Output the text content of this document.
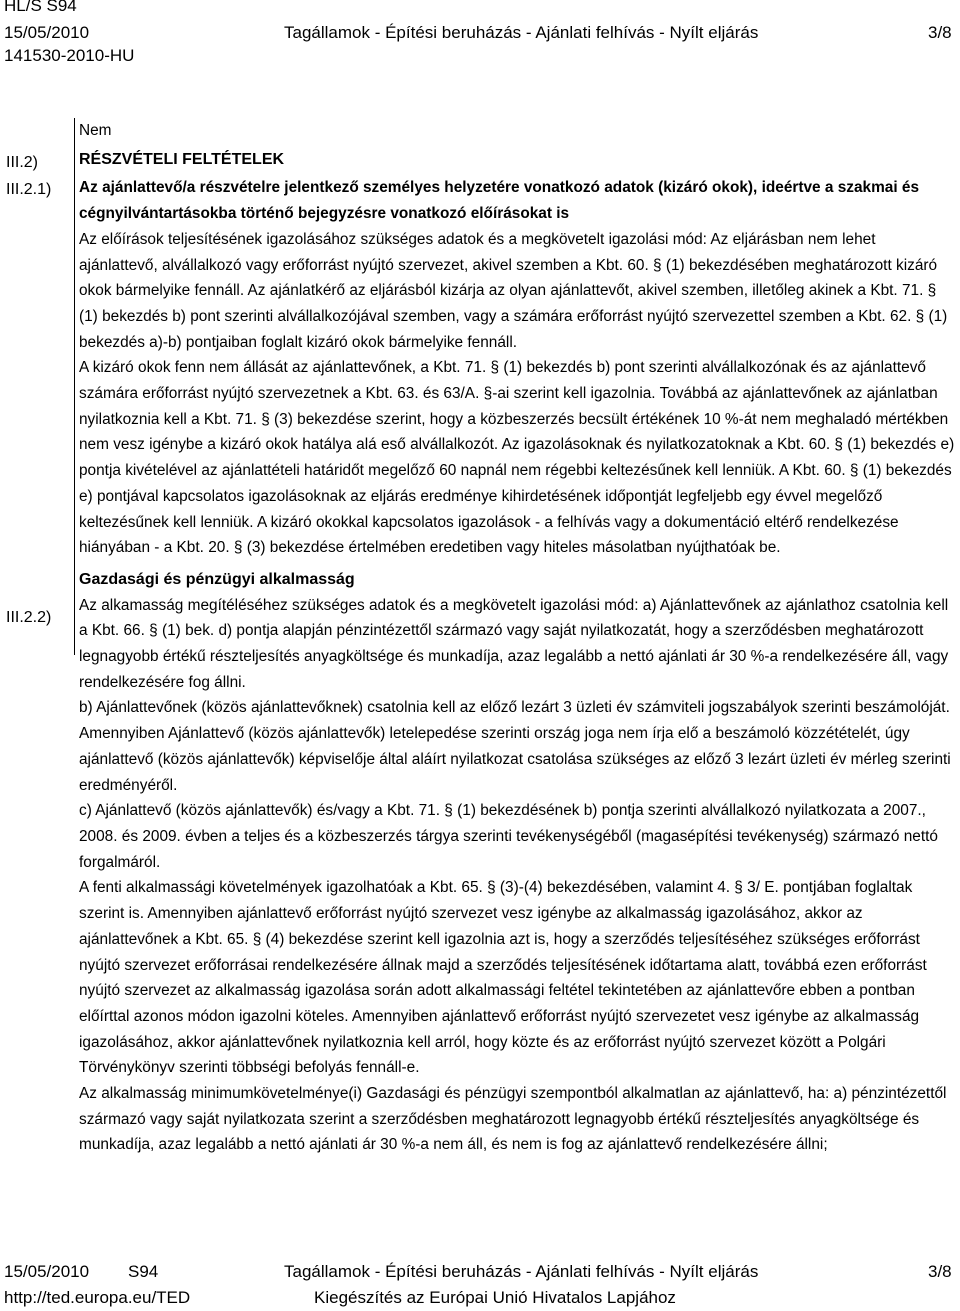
HL/S S94
15/05/2010	Tagállamok - Építési beruházás - Ajánlati felhívás - Nyílt eljárás	3/8
141530-2010-HU
III.2)
III.2.1)
III.2.2)

Nem

RÉSZVÉTELI FELTÉTELEK

Az ajánlattevő/a részvételre jelentkező személyes helyzetére vonatkozó adatok (kizáró okok), ideértve a szakmai és cégnyilvántartásokba történő bejegyzésre vonatkozó előírásokat is

Az előírások teljesítésének igazolásához szükséges adatok és a megkövetelt igazolási mód: Az eljárásban nem lehet ajánlattevő, alvállalkozó vagy erőforrást nyújtó szervezet, akivel szemben a Kbt. 60. § (1) bekezdésében meghatározott kizáró okok bármelyike fennáll. Az ajánlatkérő az eljárásból kizárja az olyan ajánlattevőt, akivel szemben, illetőleg akinek a Kbt. 71. § (1) bekezdés b) pont szerinti alvállalkozójával szemben, vagy a számára erőforrást nyújtó szervezettel szemben a Kbt. 62. § (1) bekezdés a)-b) pontjaiban foglalt kizáró okok bármelyike fennáll.

A kizáró okok fenn nem állását az ajánlattevőnek, a Kbt. 71. § (1) bekezdés b) pont szerinti alvállalkozónak és az ajánlattevő számára erőforrást nyújtó szervezetnek a Kbt. 63. és 63/A. §-ai szerint kell igazolnia. Továbbá az ajánlattevőnek az ajánlatban nyilatkoznia kell a Kbt. 71. § (3) bekezdése szerint, hogy a közbeszerzés becsült értékének 10 %-át nem meghaladó mértékben nem vesz igénybe a kizáró okok hatálya alá eső alvállalkozót. Az igazolásoknak és nyilatkozatoknak a Kbt. 60. § (1) bekezdés e) pontja kivételével az ajánlattételi határidőt megelőző 60 napnál nem régebbi keltezésűnek kell lenniük. A Kbt. 60. § (1) bekezdés e) pontjával kapcsolatos igazolásoknak az eljárás eredménye kihirdetésének időpontját legfeljebb egy évvel megelőző keltezésűnek kell lenniük. A kizáró okokkal kapcsolatos igazolások - a felhívás vagy a dokumentáció eltérő rendelkezése hiányában - a Kbt. 20. § (3) bekezdése értelmében eredetiben vagy hiteles másolatban nyújthatóak be.

Gazdasági és pénzügyi alkalmasság

Az alkamasság megítéléséhez szükséges adatok és a megkövetelt igazolási mód: a) Ajánlattevőnek az ajánlathoz csatolnia kell a Kbt. 66. § (1) bek. d) pontja alapján pénzintézettől származó vagy saját nyilatkozatát, hogy a szerződésben meghatározott legnagyobb értékű részteljesítés anyagköltsége és munkadíja, azaz legalább a nettó ajánlati ár 30 %-a rendelkezésére áll, vagy rendelkezésére fog állni.

b) Ajánlattevőnek (közös ajánlattevőknek) csatolnia kell az előző lezárt 3 üzleti év számviteli jogszabályok szerinti beszámolóját. Amennyiben Ajánlattevő (közös ajánlattevők) letelepedése szerinti ország joga nem írja elő a beszámoló közzétételét, úgy ajánlattevő (közös ajánlattevők) képviselője által aláírt nyilatkozat csatolása szükséges az előző 3 lezárt üzleti év mérleg szerinti eredményéről.

c) Ajánlattevő (közös ajánlattevők) és/vagy a Kbt. 71. § (1) bekezdésének b) pontja szerinti alvállalkozó nyilatkozata a 2007., 2008. és 2009. évben a teljes és a közbeszerzés tárgya szerinti tevékenységéből (magasépítési tevékenység) származó nettó forgalmáról.

A fenti alkalmassági követelmények igazolhatóak a Kbt. 65. § (3)-(4) bekezdésében, valamint 4. § 3/ E. pontjában foglaltak szerint is. Amennyiben ajánlattevő erőforrást nyújtó szervezet vesz igénybe az alkalmasság igazolásához, akkor az ajánlattevőnek a Kbt. 65. § (4) bekezdése szerint kell igazolnia azt is, hogy a szerződés teljesítéséhez szükséges erőforrást nyújtó szervezet erőforrásai rendelkezésére állnak majd a szerződés teljesítésének időtartama alatt, továbbá ezen erőforrást nyújtó szervezet az alkalmasság igazolása során adott alkalmassági feltétel tekintetében az ajánlattevőre ebben a pontban előírttal azonos módon igazolni köteles. Amennyiben ajánlattevő erőforrást nyújtó szervezetet vesz igénybe az alkalmasság igazolásához, akkor ajánlattevőnek nyilatkoznia kell arról, hogy közte és az erőforrást nyújtó szervezet között a Polgári Törvénykönyv szerinti többségi befolyás fennáll-e.

Az alkalmasság minimumkövetelménye(i) Gazdasági és pénzügyi szempontból alkalmatlan az ajánlattevő, ha: a) pénzintézettől származó vagy saját nyilatkozata szerint a szerződésben meghatározott legnagyobb értékű részteljesítés anyagköltsége és munkadíja, azaz legalább a nettó ajánlati ár 30 %-a nem áll, és nem is fog az ajánlattevő rendelkezésére állni;

15/05/2010 S94	Tagállamok - Építési beruházás - Ajánlati felhívás - Nyílt eljárás	3/8
http://ted.europa.eu/TED	Kiegészítés az Európai Unió Hivatalos Lapjához
